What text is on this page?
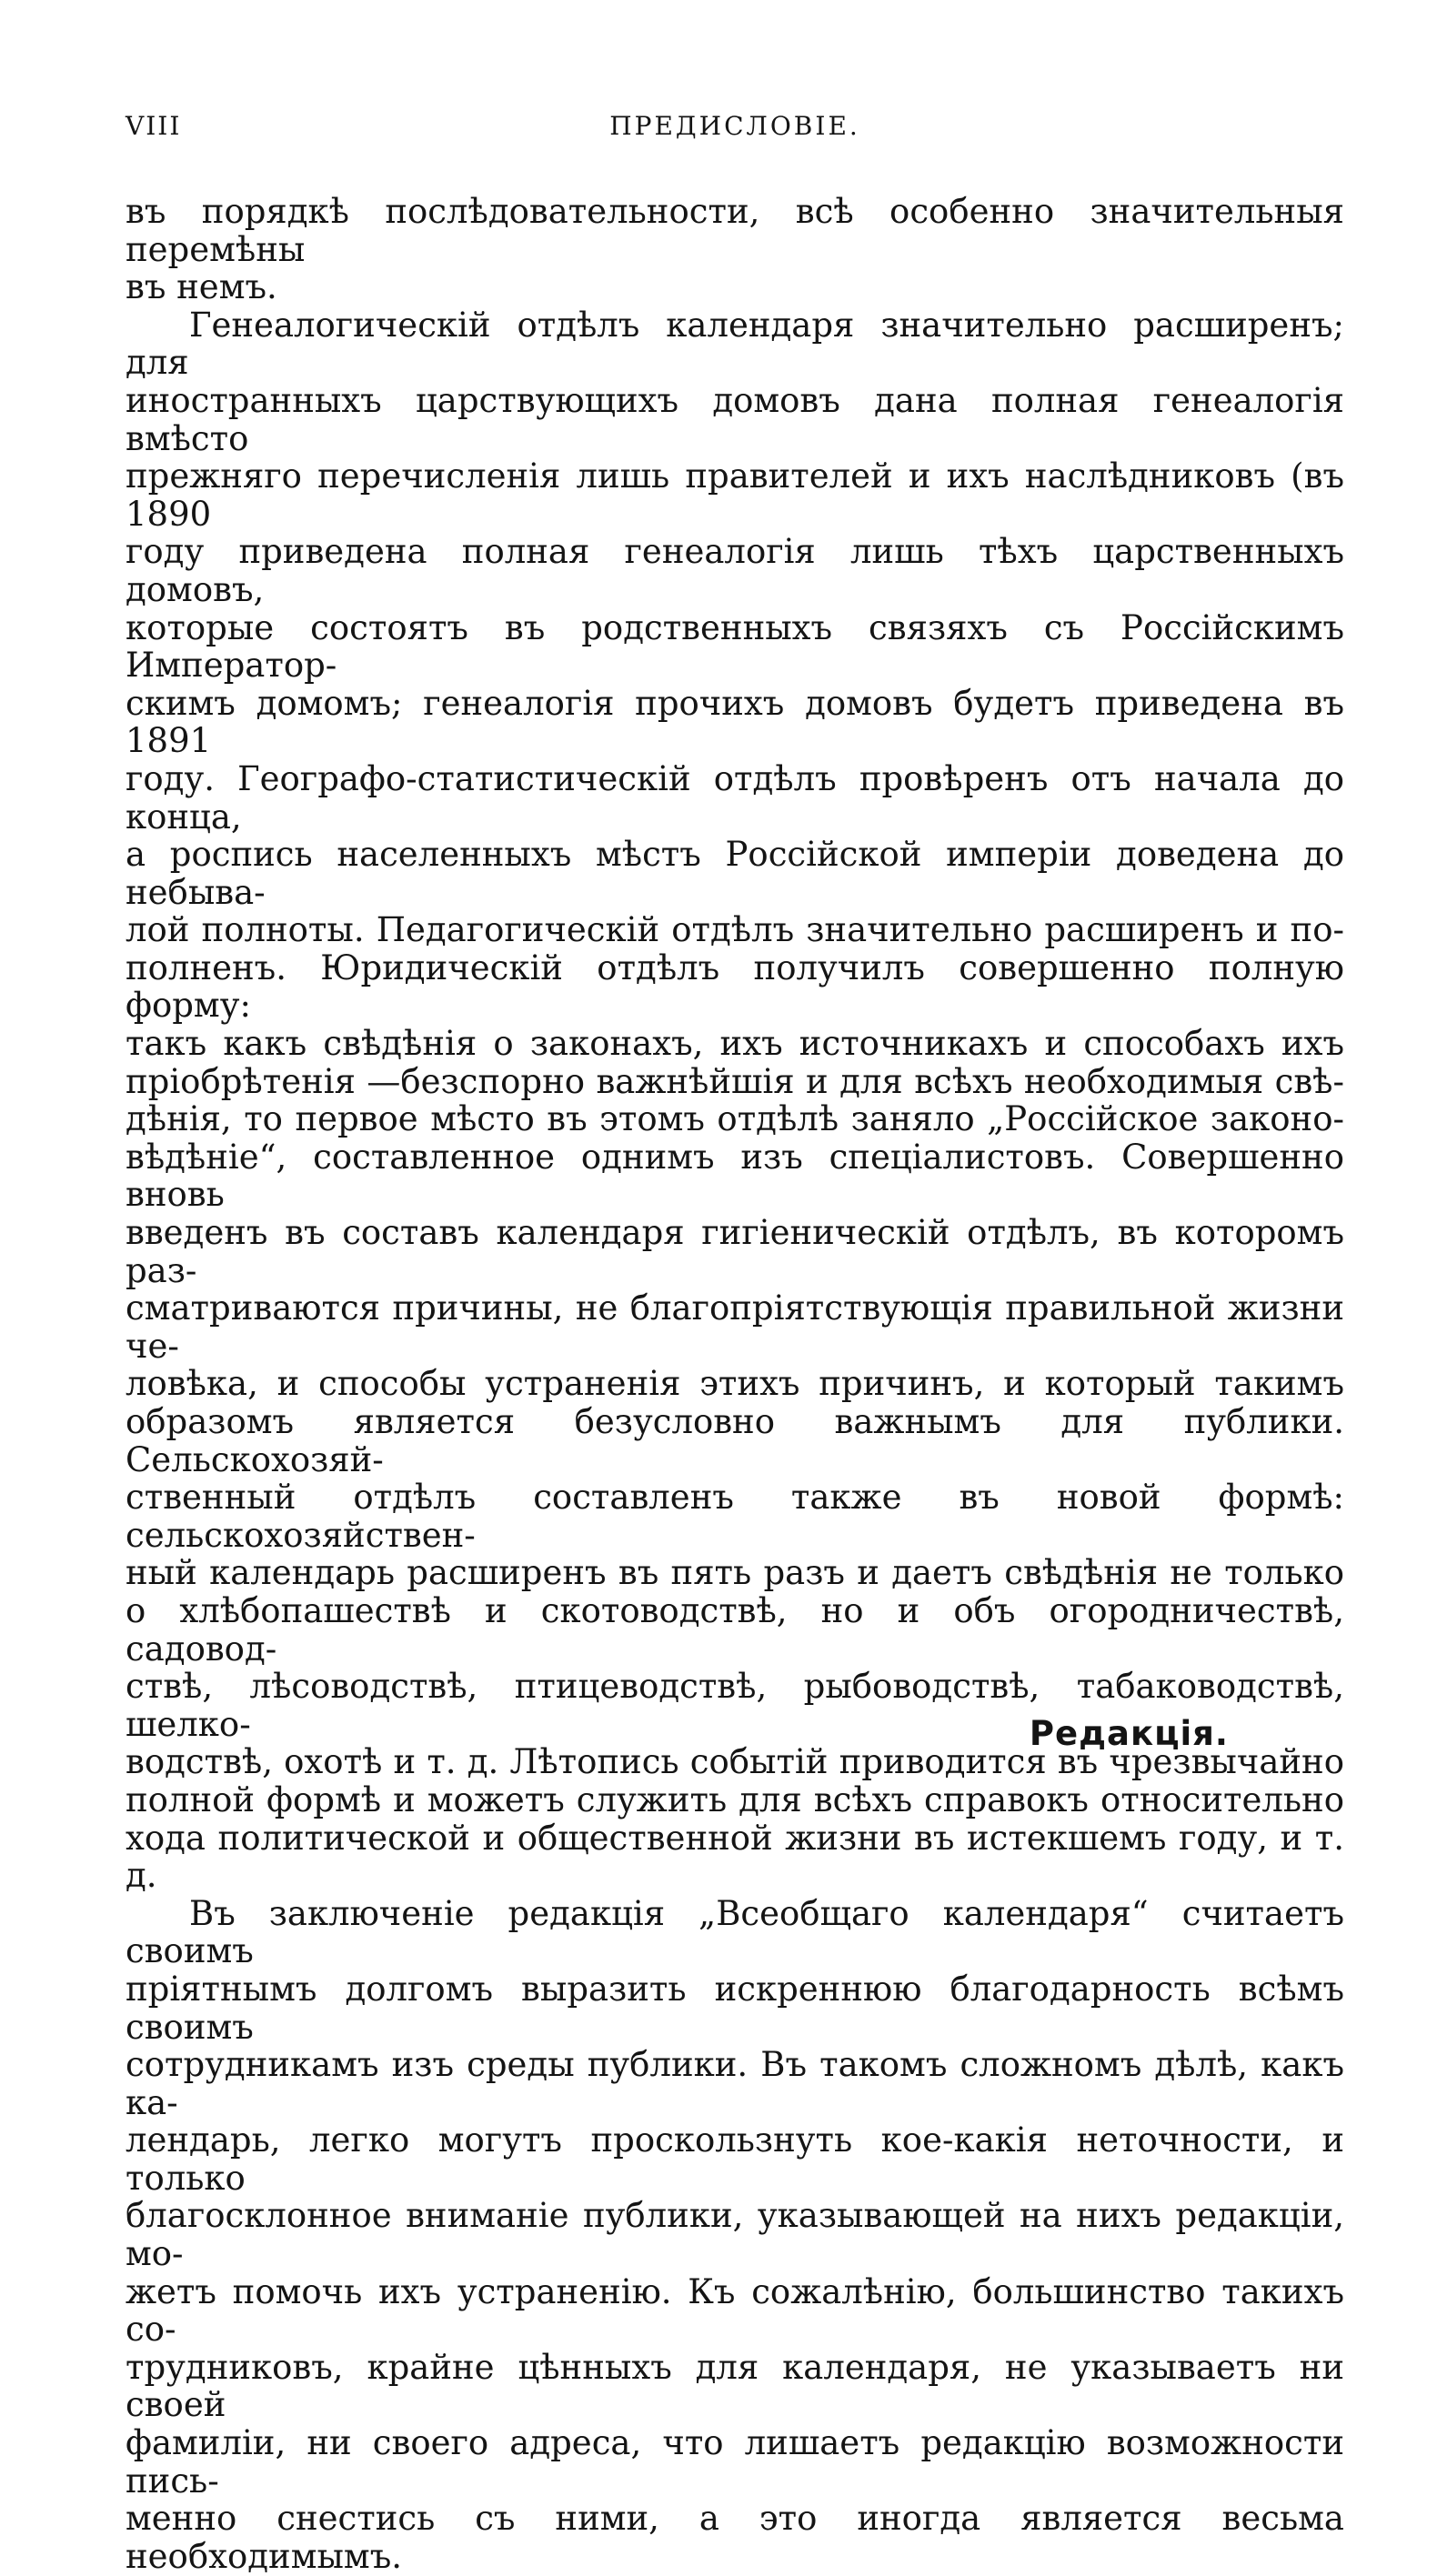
VIII	ПРЕДИСЛОВІЕ.

въ порядкѣ послѣдовательности, всѣ особенно значительныя перемѣны

въ немъ.

Генеалогическій отдѣлъ календаря значительно расширенъ; для

иностранныхъ царствующихъ домовъ дана полная генеалогія вмѣсто

прежняго перечисленія лишь правителей и ихъ наслѣдниковъ (въ 1890

году приведена полная генеалогія лишь тѣхъ царственныхъ домовъ,

которые состоятъ въ родственныхъ связяхъ съ Россійскимъ Император-

скимъ домомъ; генеалогія прочихъ домовъ будетъ приведена въ 1891

году. Географо-статистическій отдѣлъ провѣренъ отъ начала до конца,

а роспись населенныхъ мѣстъ Россійской имперіи доведена до небыва-

лой полноты. Педагогическій отдѣлъ значительно расширенъ и по-

полненъ. Юридическій отдѣлъ получилъ совершенно полную форму:

такъ какъ свѣдѣнія о законахъ, ихъ источникахъ и способахъ ихъ

пріобрѣтенія —безспорно важнѣйшія и для всѣхъ необходимыя свѣ-

дѣнія, то первое мѣсто въ этомъ отдѣлѣ заняло „Россійское законо-

вѣдѣніе“, составленное однимъ изъ спеціалистовъ. Совершенно вновь

введенъ въ составъ календаря гигіеническій отдѣлъ, въ которомъ раз-

сматриваются причины, не благопріятствующія правильной жизни че-

ловѣка, и способы устраненія этихъ причинъ, и который такимъ

образомъ является безусловно важнымъ для публики. Сельскохозяй-

ственный отдѣлъ составленъ также въ новой формѣ: сельскохозяйствен-

ный календарь расширенъ въ пять разъ и даетъ свѣдѣнія не только

о хлѣбопашествѣ и скотоводствѣ, но и объ огородничествѣ, садовод-

ствѣ, лѣсоводствѣ, птицеводствѣ, рыбоводствѣ, табаководствѣ, шелко-

водствѣ, охотѣ и т. д. Лѣтопись событій приводится въ чрезвычайно

полной формѣ и можетъ служить для всѣхъ справокъ относительно

хода политической и общественной жизни въ истекшемъ году, и т. д.

Въ заключеніе редакція „Всеобщаго календаря“ считаетъ своимъ

пріятнымъ долгомъ выразить искреннюю благодарность всѣмъ своимъ

сотрудникамъ изъ среды публики. Въ такомъ сложномъ дѣлѣ, какъ ка-

лендарь, легко могутъ проскользнуть кое-какія неточности, и только

благосклонное вниманіе публики, указывающей на нихъ редакціи, мо-

жетъ помочь ихъ устраненію. Къ сожалѣнію, большинство такихъ со-

трудниковъ, крайне цѣнныхъ для календаря, не указываетъ ни своей

фамиліи, ни своего адреса, что лишаетъ редакцію возможности пись-

менно снестись съ ними, а это иногда является весьма необходимымъ.

Редакція.
